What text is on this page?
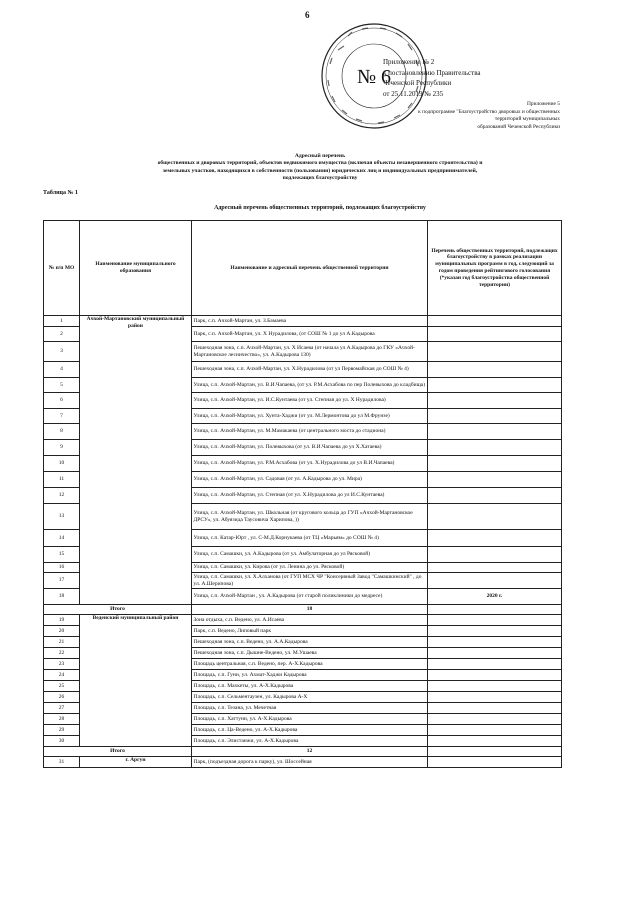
6
№ 6
Приложение № 2
к постановлению Правительства
Чеченской Республики
от 25.11.2019 № 235
Приложение 5
к подпрограмме "Благоустройство дворовых и общественных
территорий муниципальных
образований Чеченской Республики
Адресный перечень
общественных и дворовых территорий, объектов недвижимого имущества (включая объекты незавершенного строительства) и
земельных участков, находящихся в собственности (пользовании) юридических лиц и индивидуальных предпринимателей,
подлежащих благоустройству
Таблица № 1
Адресный перечень общественных территорий, подлежащих благоустройству
№ п/п МО	Наименование муниципального образования	Наименование и адресный перечень общественной территории	Перечень общественных территорий, подлежащих благоустройству в рамках реализации муниципальных программ в год, следующий за годом проведения рейтингового голосования (*указан год благоустройства общественной территории)
1	Ачхой-Мартановский муниципальный район	Парк, с.п. Ачхой-Мартан, ул. З.Бамаева	
2		Парк, с.п. Ачхой-Мартан, ул. Х Нурадилова, (от СОШ № 1 до ул А.Кадырова	
3		Пешеходная зона, с.п. Ачхой-Мартан, ул. Х Исаева (от начала ул А.Кадырова до ГКУ «Ачхой-Мартановское лесничество», ул. А.Кадырова 130)	
4		Пешеходная зона, с.п. Ачхой-Мартан, ул. Х.Нурадилова (от ул Первомайская до СОШ № 4)	
5		Улица, с.п. Ачхой-Мартан, ул. В.И.Чапаева, (от ул. Р.М.Асхабова по пер Полевыхова до кладбища)	
6		Улица, с.п. Ачхой-Мартан, ул. И.С.Кунтаева (от ул. Степная до ул. Х Нурадилова)	
7		Улица, с.п. Ачхой-Мартан, ул. Хунта-Хаджи (от ул. М.Лермонтова до ул М.Фрунзе)	
8		Улица, с.п. Ачхой-Мартан, ул. М.Мамакаева (от центрального моста до стадиона)	
9		Улица, с.п. Ачхой-Мартан, ул. Полевыхова (от ул. В.И.Чапаева до ул Х.Хатаева)	
10		Улица, с.п. Ачхой-Мартан, ул. Р.М.Асхабова (от ул. Х.Нурадилова до ул В.И.Чапаева)	
11		Улица, с.п. Ачхой-Мартан, ул. Садовая (от ул. А.Кадырова до ул. Мира)	
12		Улица, с.п. Ачхой-Мартан, ул. Степная (от ул. Х.Нурадилова до ул И.С.Кунтаева)	
13		Улица, с.п. Ачхой-Мартан, ул. Школьная (от кругового кольца до ГУП «Ачхой-Мартановское ДРСУ», ул. Абуязида Таусовича Харипова, ))	
14		Улица, с.п. Катар-Юрт , ул. С-М.Д.Корнукаева (от ТЦ «Марьям» до СОШ № 4)	
15		Улица, с.п. Самашки, ул. А.Кадырова (от ул. Амбулаторная до ул Рясковой)	
16		Улица, с.п. Самашки, ул. Кирова (от ул. Ленина до ул. Рясковой)	
17		Улица, с.п. Самашки, ул. Х.Алханова (от ГУП МСХ ЧР "Консервный Завод "Самашкинский" , до ул. А.Шерипова)	
18		Улица, с.п. Ачхой-Мартан , ул. А.Кадырова (от старой поликлиники до медресе)	2020 г.
Итого		18	
19	Веденский муниципальный район	Зона отдыха, с.п. Ведено, ул. А.Исаева	
20		Парк, с.п. Ведено, Липовый парк	
21		Пешеходная зона, с.п. Ведено, ул. А.А.Кадырова	
22		Пешеходная зона, с.п. Дышне-Ведено, ул. М.Ушаева	
23		Площадь центральная, с.п. Ведено, пер. А-Х.Кадырова	
24		Площадь, с.п. Гуни, ул. Ахмат-Хаджи Кадырова	
25		Площадь, с.п. Махкеты, ул. А-Х.Кадырова	
26		Площадь, с.п. Сельментаузен, ул. Кадырова А-Х	
27		Площадь, с.п. Тезана, ул. Мечетная	
28		Площадь, с.п. Хаттуни, ул. А-Х.Кадырова	
29		Площадь, с.п. Ца-Ведено, ул. А-Х.Кадырова	
30		Площадь, с.п. Элистанжи, ул. А-Х.Кадырова	
Итого		12	
31	г. Аргун	Парк, (подъездная дорога к парку), ул. Шоссейная	
